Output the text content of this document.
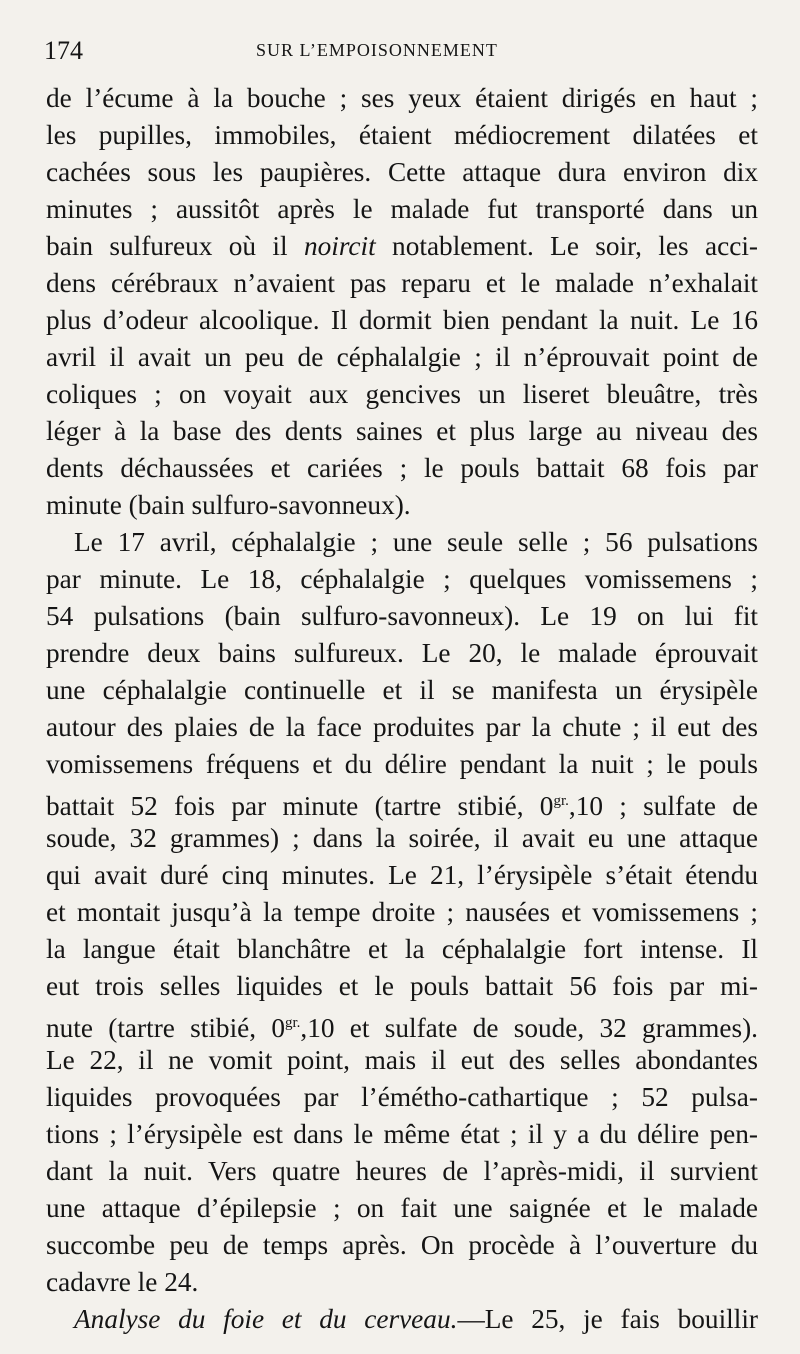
174	SUR L’EMPOISONNEMENT
de l’écume à la bouche ; ses yeux étaient dirigés en haut ;
les pupilles, immobiles, étaient médiocrement dilatées et
cachées sous les paupières. Cette attaque dura environ dix
minutes ; aussitôt après le malade fut transporté dans un
bain sulfureux où il noircit notablement. Le soir, les acci-
dens cérébraux n’avaient pas reparu et le malade n’exhalait
plus d’odeur alcoolique. Il dormit bien pendant la nuit. Le 16
avril il avait un peu de céphalalgie ; il n’éprouvait point de
coliques ; on voyait aux gencives un liseret bleuâtre, très
léger à la base des dents saines et plus large au niveau des
dents déchaussées et cariées ; le pouls battait 68 fois par
minute (bain sulfuro-savonneux).
Le 17 avril, céphalalgie ; une seule selle ; 56 pulsations
par minute. Le 18, céphalalgie ; quelques vomissemens ;
54 pulsations (bain sulfuro-savonneux). Le 19 on lui fit
prendre deux bains sulfureux. Le 20, le malade éprouvait
une céphalalgie continuelle et il se manifesta un érysipèle
autour des plaies de la face produites par la chute ; il eut des
vomissemens fréquens et du délire pendant la nuit ; le pouls
battait 52 fois par minute (tartre stibié, $0^{gr.},10$ ; sulfate de
soude, 32 grammes) ; dans la soirée, il avait eu une attaque
qui avait duré cinq minutes. Le 21, l’érysipèle s’était étendu
et montait jusqu’à la tempe droite ; nausées et vomissemens ;
la langue était blanchâtre et la céphalalgie fort intense. Il
eut trois selles liquides et le pouls battait 56 fois par mi-
nute (tartre stibié, $0^{gr.},10$ et sulfate de soude, 32 grammes).
Le 22, il ne vomit point, mais il eut des selles abondantes
liquides provoquées par l’émétho-cathartique ; 52 pulsa-
tions ; l’érysipèle est dans le même état ; il y a du délire pen-
dant la nuit. Vers quatre heures de l’après-midi, il survient
une attaque d’épilepsie ; on fait une saignée et le malade
succombe peu de temps après. On procède à l’ouverture du
cadavre le 24.
Analyse du foie et du cerveau.—Le 25, je fais bouillir
